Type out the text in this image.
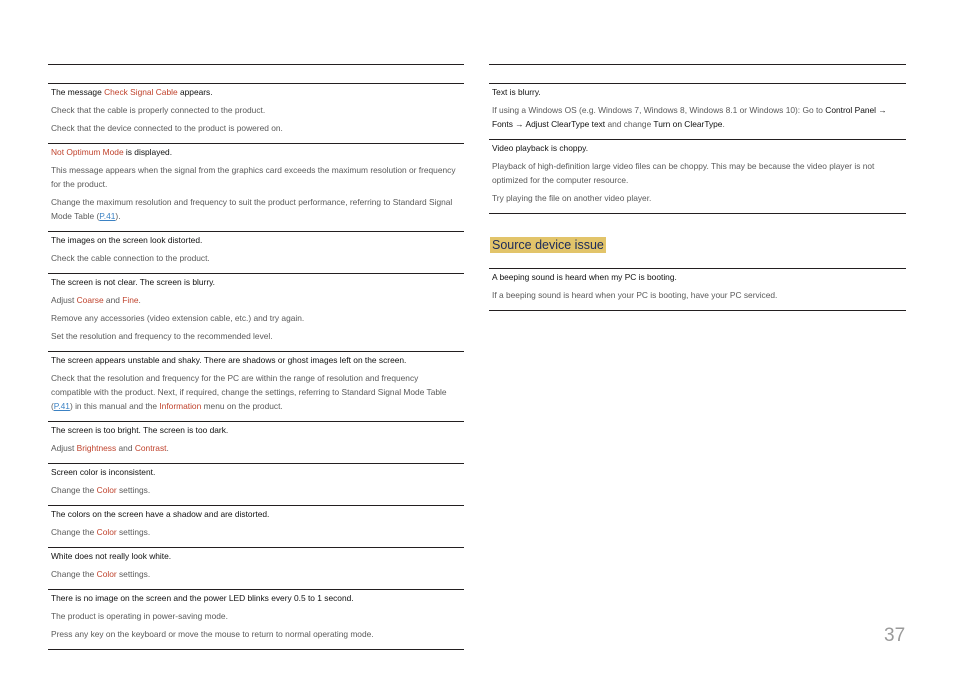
The message Check Signal Cable appears.

Check that the cable is properly connected to the product.

Check that the device connected to the product is powered on.

Not Optimum Mode is displayed.

This message appears when the signal from the graphics card exceeds the maximum resolution or frequency for the product.

Change the maximum resolution and frequency to suit the product performance, referring to Standard Signal Mode Table (P.41).

The images on the screen look distorted.

Check the cable connection to the product.

The screen is not clear. The screen is blurry.

Adjust Coarse and Fine.

Remove any accessories (video extension cable, etc.) and try again.

Set the resolution and frequency to the recommended level.

The screen appears unstable and shaky. There are shadows or ghost images left on the screen.

Check that the resolution and frequency for the PC are within the range of resolution and frequency compatible with the product. Next, if required, change the settings, referring to Standard Signal Mode Table (P.41) in this manual and the Information menu on the product.

The screen is too bright. The screen is too dark.

Adjust Brightness and Contrast.

Screen color is inconsistent.

Change the Color settings.

The colors on the screen have a shadow and are distorted.

Change the Color settings.

White does not really look white.

Change the Color settings.

There is no image on the screen and the power LED blinks every 0.5 to 1 second.

The product is operating in power-saving mode.

Press any key on the keyboard or move the mouse to return to normal operating mode.

Text is blurry.

If using a Windows OS (e.g. Windows 7, Windows 8, Windows 8.1 or Windows 10): Go to Control Panel → Fonts → Adjust ClearType text and change Turn on ClearType.

Video playback is choppy.

Playback of high-definition large video files can be choppy. This may be because the video player is not optimized for the computer resource.

Try playing the file on another video player.

Source device issue

A beeping sound is heard when my PC is booting.

If a beeping sound is heard when your PC is booting, have your PC serviced.

37
